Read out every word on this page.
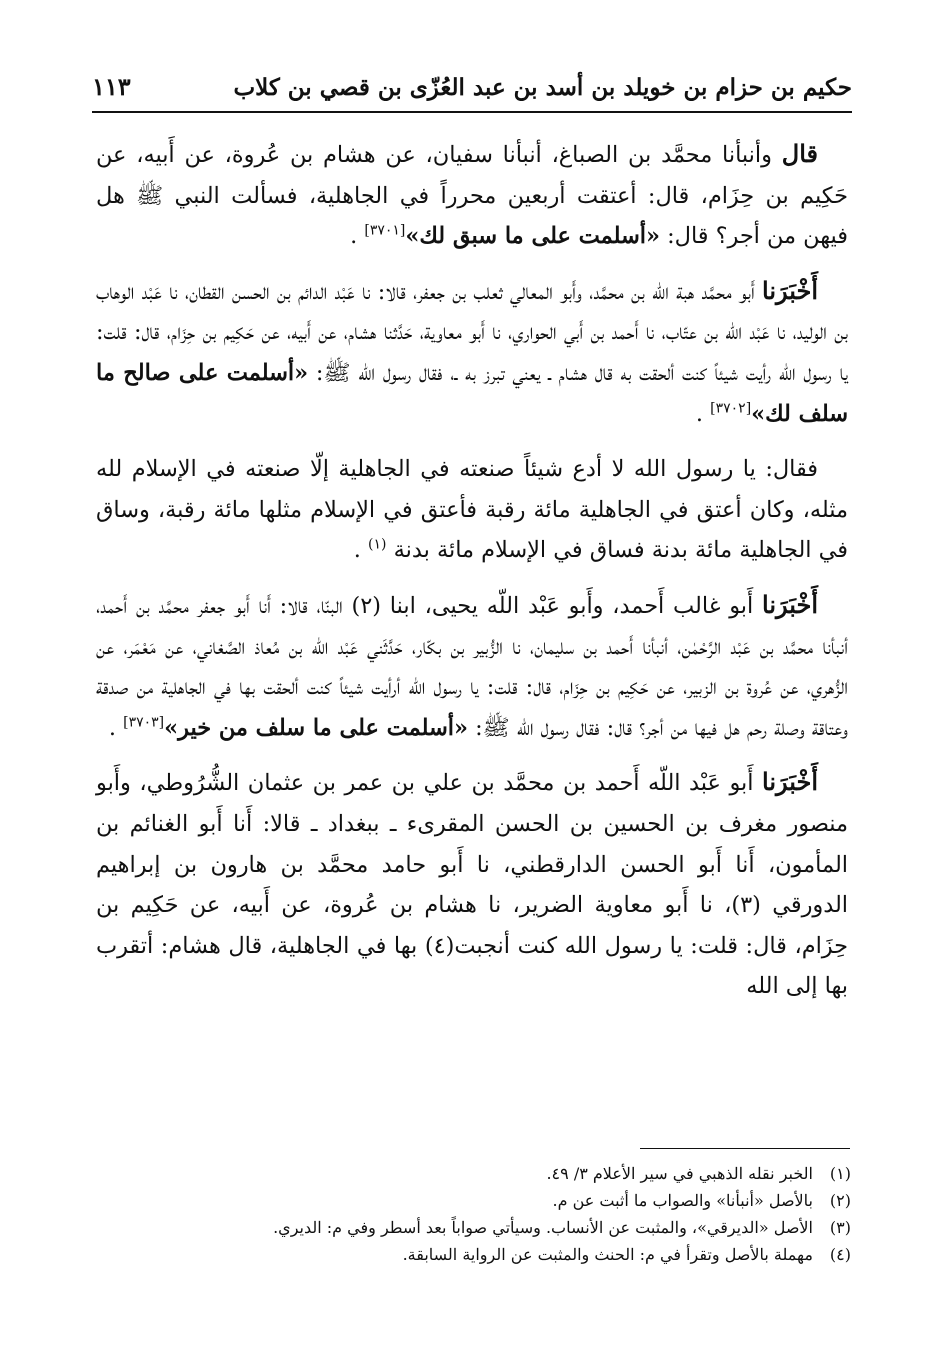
حكيم بن حزام بن خويلد بن أسد بن عبد العُزّى بن قصي بن كلاب
١١٣

قال وأنبأنا محمَّد بن الصباغ، أنبأنا سفيان، عن هشام بن عُروة، عن أَبيه، عن حَكِيم بن حِزَام، قال: أعتقت أربعين محرراً في الجاهلية، فسألت النبي ﷺ هل فيهن من أجر؟ قال: «أسلمت على ما سبق لك»[٣٧٠١] .

أَخْبَرَنا أَبو محمَّد هبة اللّه بن محمَّد، وأَبو المعالي ثعلب بن جعفر، قالا: نا عَبْد الدائم بن الحسن القطان، نا عَبْد الوهاب بن الوليد، نا عَبْد اللّه بن عتّاب، نا أَحمد بن أَبي الحواري، نا أَبو معاوية، حَدَّثنا هشام، عن أَبيه، عن حَكِيم بن حِزَام، قال: قلت: يا رسول الله رأيت شيئاً كنت ألحقت به قال هشام ـ يعني تبرز به ـ، فقال رسول الله ﷺ: «أسلمت على صالح ما سلف لك»[٣٧٠٢] .

فقال: يا رسول الله لا أدع شيئاً صنعته في الجاهلية إلّا صنعته في الإسلام لله مثله، وكان أعتق في الجاهلية مائة رقبة فأعتق في الإسلام مثلها مائة رقبة، وساق في الجاهلية مائة بدنة فساق في الإسلام مائة بدنة $^{(١)}$ .

أَخْبَرَنا أَبو غالب أَحمد، وأَبو عَبْد اللّه يحيى، ابنا (٢) البنّا، قالا: أَنا أَبو جعفر محمَّد بن أَحمد، أنبأنا محمَّد بن عَبْد الرَّحْمٰن، أنبأنا أَحمد بن سليمان، نا الزُّبير بن بكّار، حَدَّثَني عَبْد اللّه بن مُعاذ الصَّغاني، عن مَعْمَر، عن الزُّهري، عن عُروة بن الزبير، عن حَكِيم بن حِزَام، قال: قلت: يا رسول الله أرأيت شيئاً كنت ألحقت بها في الجاهلية من صدقة وعتاقة وصلة رحم هل فيها من أجر؟ قال: فقال رسول الله ﷺ: «أسلمت على ما سلف من خير»[٣٧٠٣] .

أَخْبَرَنا أَبو عَبْد اللّه أَحمد بن محمَّد بن علي بن عمر بن عثمان الشُّرُوطي، وأَبو منصور مغرف بن الحسين بن الحسن المقرىء ـ ببغداد ـ قالا: أَنا أَبو الغنائم بن المأمون، أَنا أَبو الحسن الدارقطني، نا أَبو حامد محمَّد بن هارون بن إبراهيم الدورقي (٣)، نا أَبو معاوية الضرير، نا هشام بن عُروة، عن أَبيه، عن حَكِيم بن حِزَام، قال: قلت: يا رسول الله كنت أنجبت(٤) بها في الجاهلية، قال هشام: أتقرب بها إلى الله

(١)الخبر نقله الذهبي في سير الأعلام ٣/ ٤٩.
(٢)بالأصل «أنبأنا» والصواب ما أثبت عن م.
(٣)الأصل «الديرقي»، والمثبت عن الأنساب. وسيأتي صواباً بعد أسطر وفي م: الديري.
(٤)مهملة بالأصل وتقرأ في م: الحنث والمثبت عن الرواية السابقة.
